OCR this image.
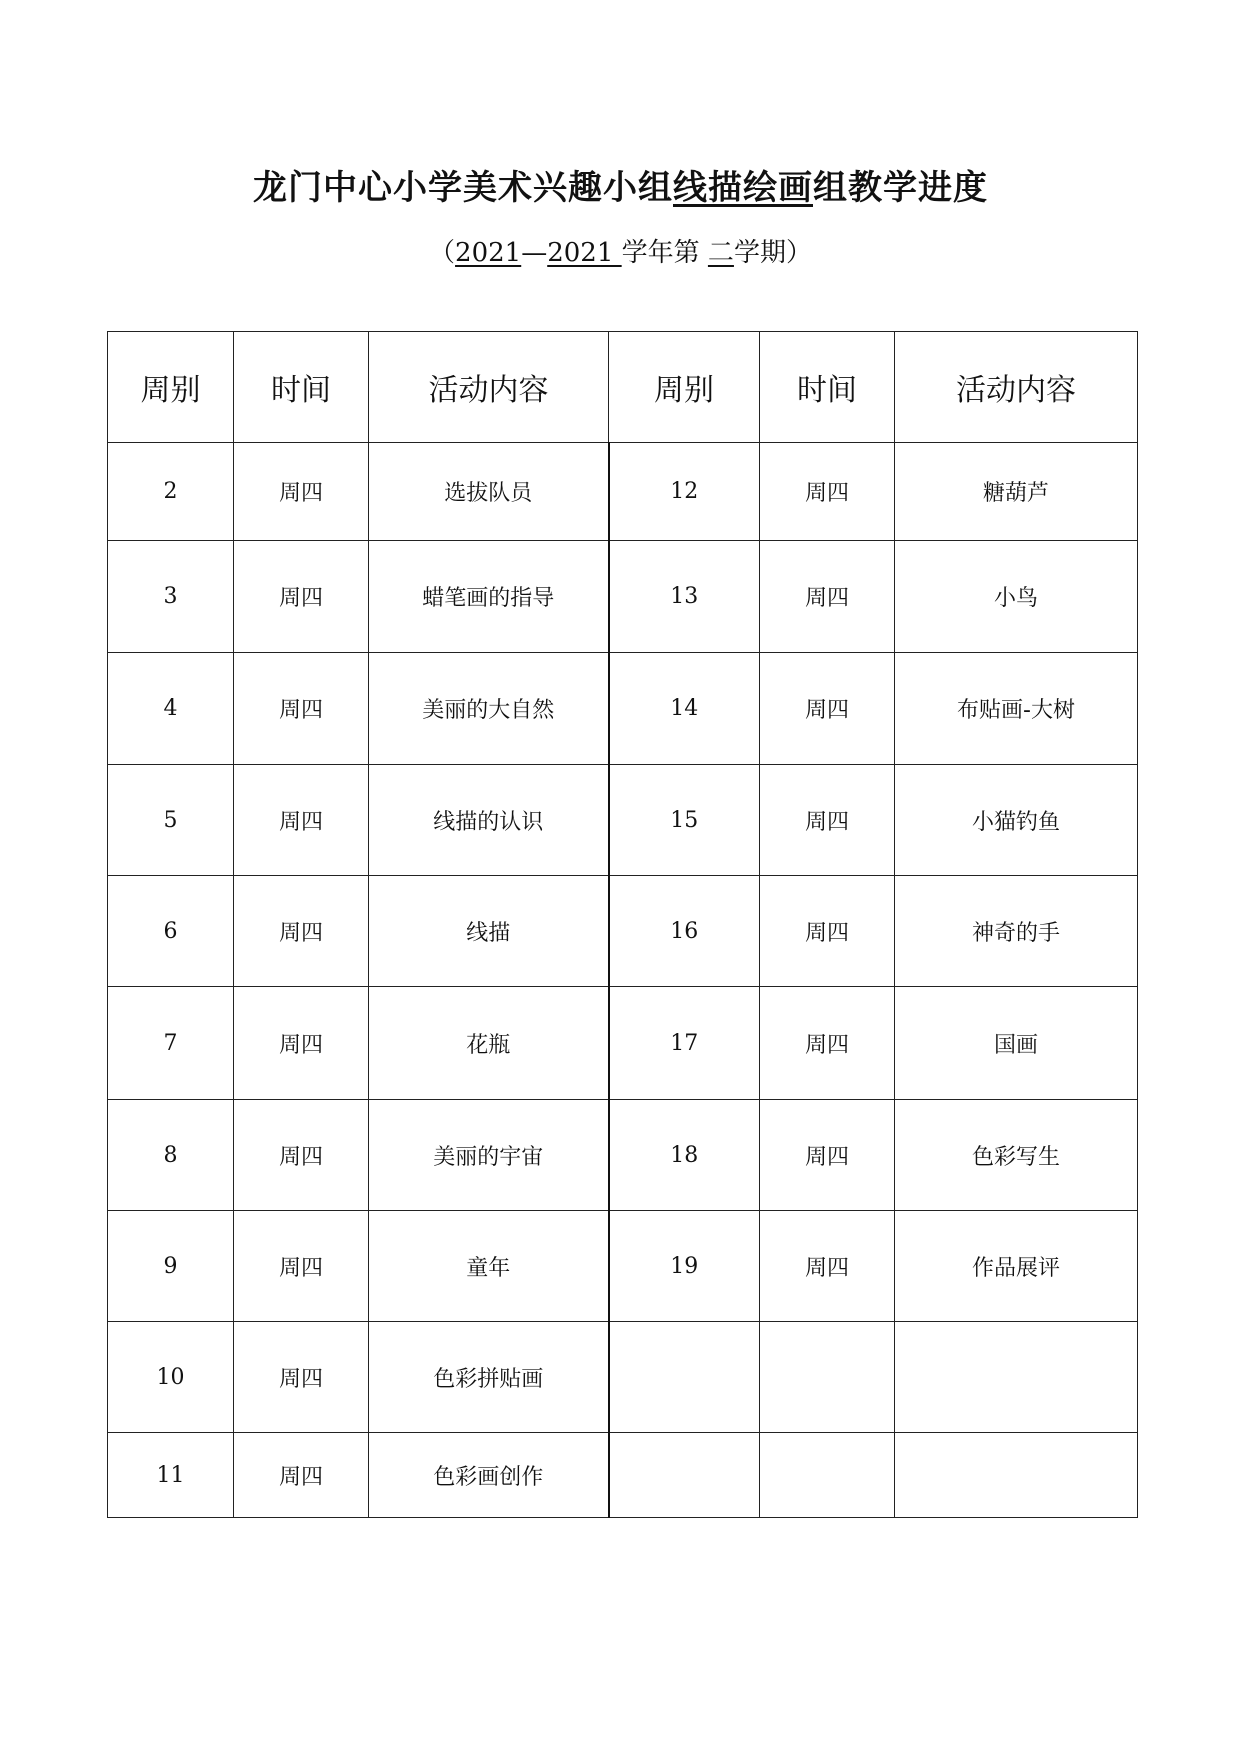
龙门中心小学美术兴趣小组线描绘画组教学进度
（2021—2021 学年第 二学期）
周别	时间	活动内容	周别	时间	活动内容
2	周四	选拔队员	12	周四	糖葫芦
3	周四	蜡笔画的指导	13	周四	小鸟
4	周四	美丽的大自然	14	周四	布贴画-大树
5	周四	线描的认识	15	周四	小猫钓鱼
6	周四	线描	16	周四	神奇的手
7	周四	花瓶	17	周四	国画
8	周四	美丽的宇宙	18	周四	色彩写生
9	周四	童年	19	周四	作品展评
10	周四	色彩拼贴画			
11	周四	色彩画创作			
